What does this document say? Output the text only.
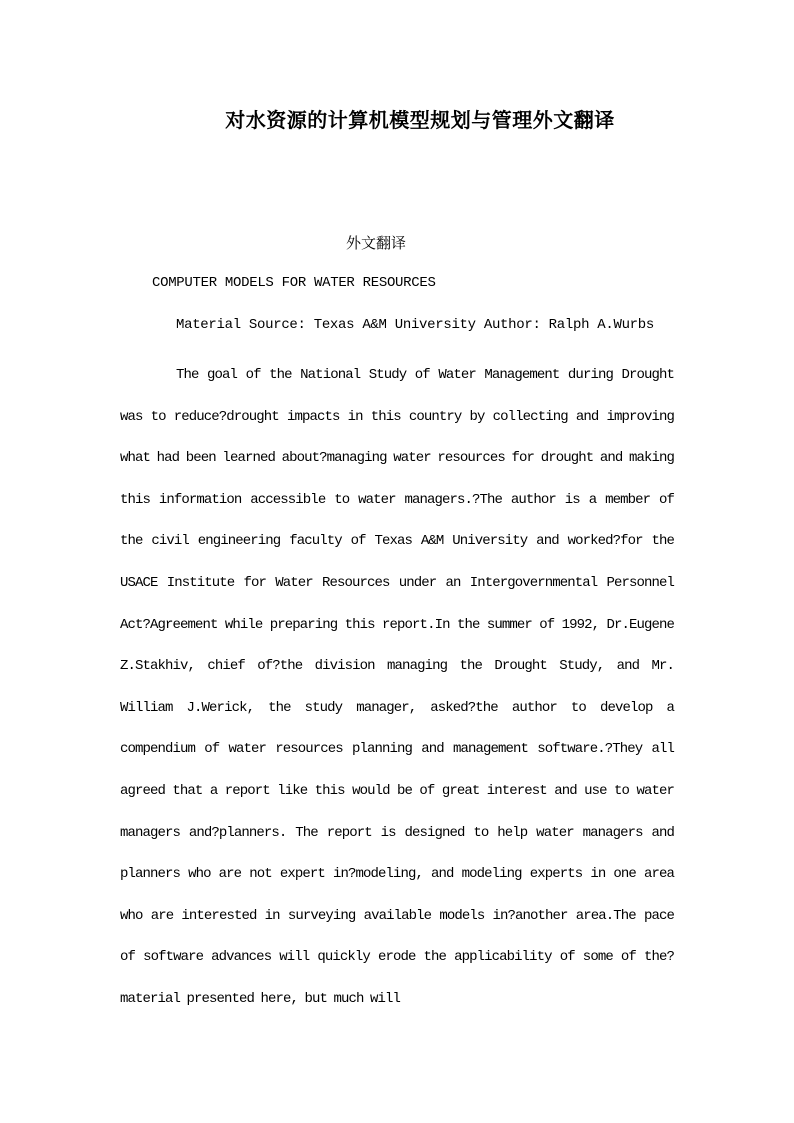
对水资源的计算机模型规划与管理外文翻译
外文翻译
COMPUTER MODELS FOR WATER RESOURCES
Material Source: Texas A&M University Author: Ralph A.Wurbs

The goal of the National Study of Water Management during Drought was to reduce?drought impacts in this country by collecting and improving what had been learned about?managing water resources for drought and making this information accessible to water managers.?The author is a member of the civil engineering faculty of Texas A&M University and worked?for the USACE Institute for Water Resources under an Intergovernmental Personnel Act?Agreement while preparing this report.In the summer of 1992, Dr.Eugene Z.Stakhiv, chief of?the division managing the Drought Study, and Mr. William J.Werick, the study manager, asked?the author to develop a compendium of water resources planning and management software.?They all agreed that a report like this would be of great interest and use to water managers and?planners. The report is designed to help water managers and planners who are not expert in?modeling, and modeling experts in one area who are interested in surveying available models in?another area.The pace of software advances will quickly erode the applicability of some of the?material presented here, but much will
